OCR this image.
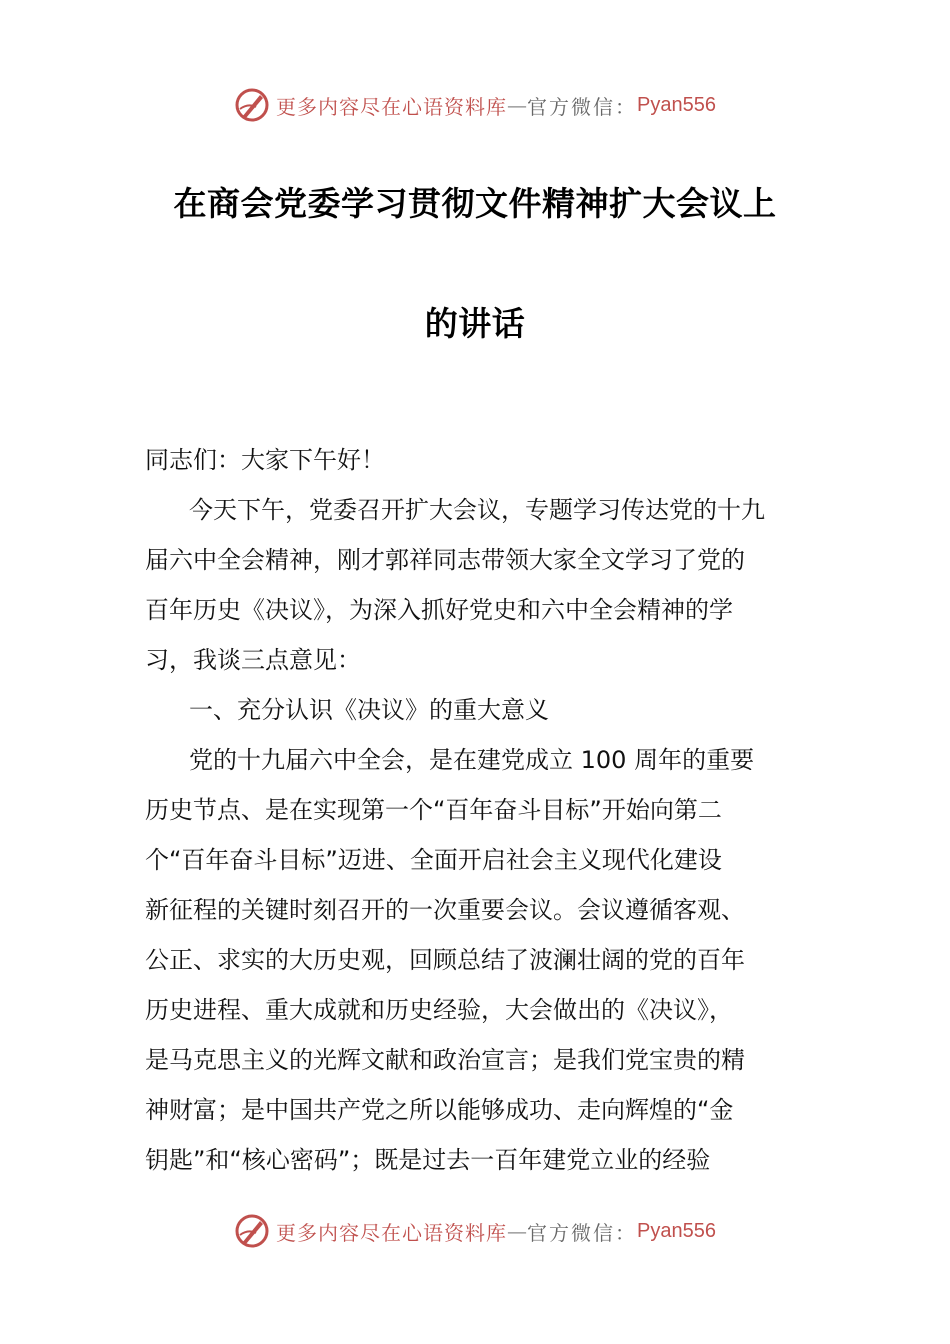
更多内容尽在心语资料库 — 官方微信： Pyan556
在商会党委学习贯彻文件精神扩大会议上
的讲话
同志们：大家下午好！
今天下午，党委召开扩大会议，专题学习传达党的十九
届六中全会精神，刚才郭祥同志带领大家全文学习了党的
百年历史《决议》，为深入抓好党史和六中全会精神的学
习，我谈三点意见：
一、充分认识《决议》的重大意义
党的十九届六中全会，是在建党成立 100 周年的重要
历史节点、是在实现第一个“百年奋斗目标”开始向第二
个“百年奋斗目标”迈进、全面开启社会主义现代化建设
新征程的关键时刻召开的一次重要会议。会议遵循客观、
公正、求实的大历史观，回顾总结了波澜壮阔的党的百年
历史进程、重大成就和历史经验，大会做出的《决议》，
是马克思主义的光辉文献和政治宣言；是我们党宝贵的精
神财富；是中国共产党之所以能够成功、走向辉煌的“金
钥匙”和“核心密码”；既是过去一百年建党立业的经验
更多内容尽在心语资料库 — 官方微信： Pyan556
